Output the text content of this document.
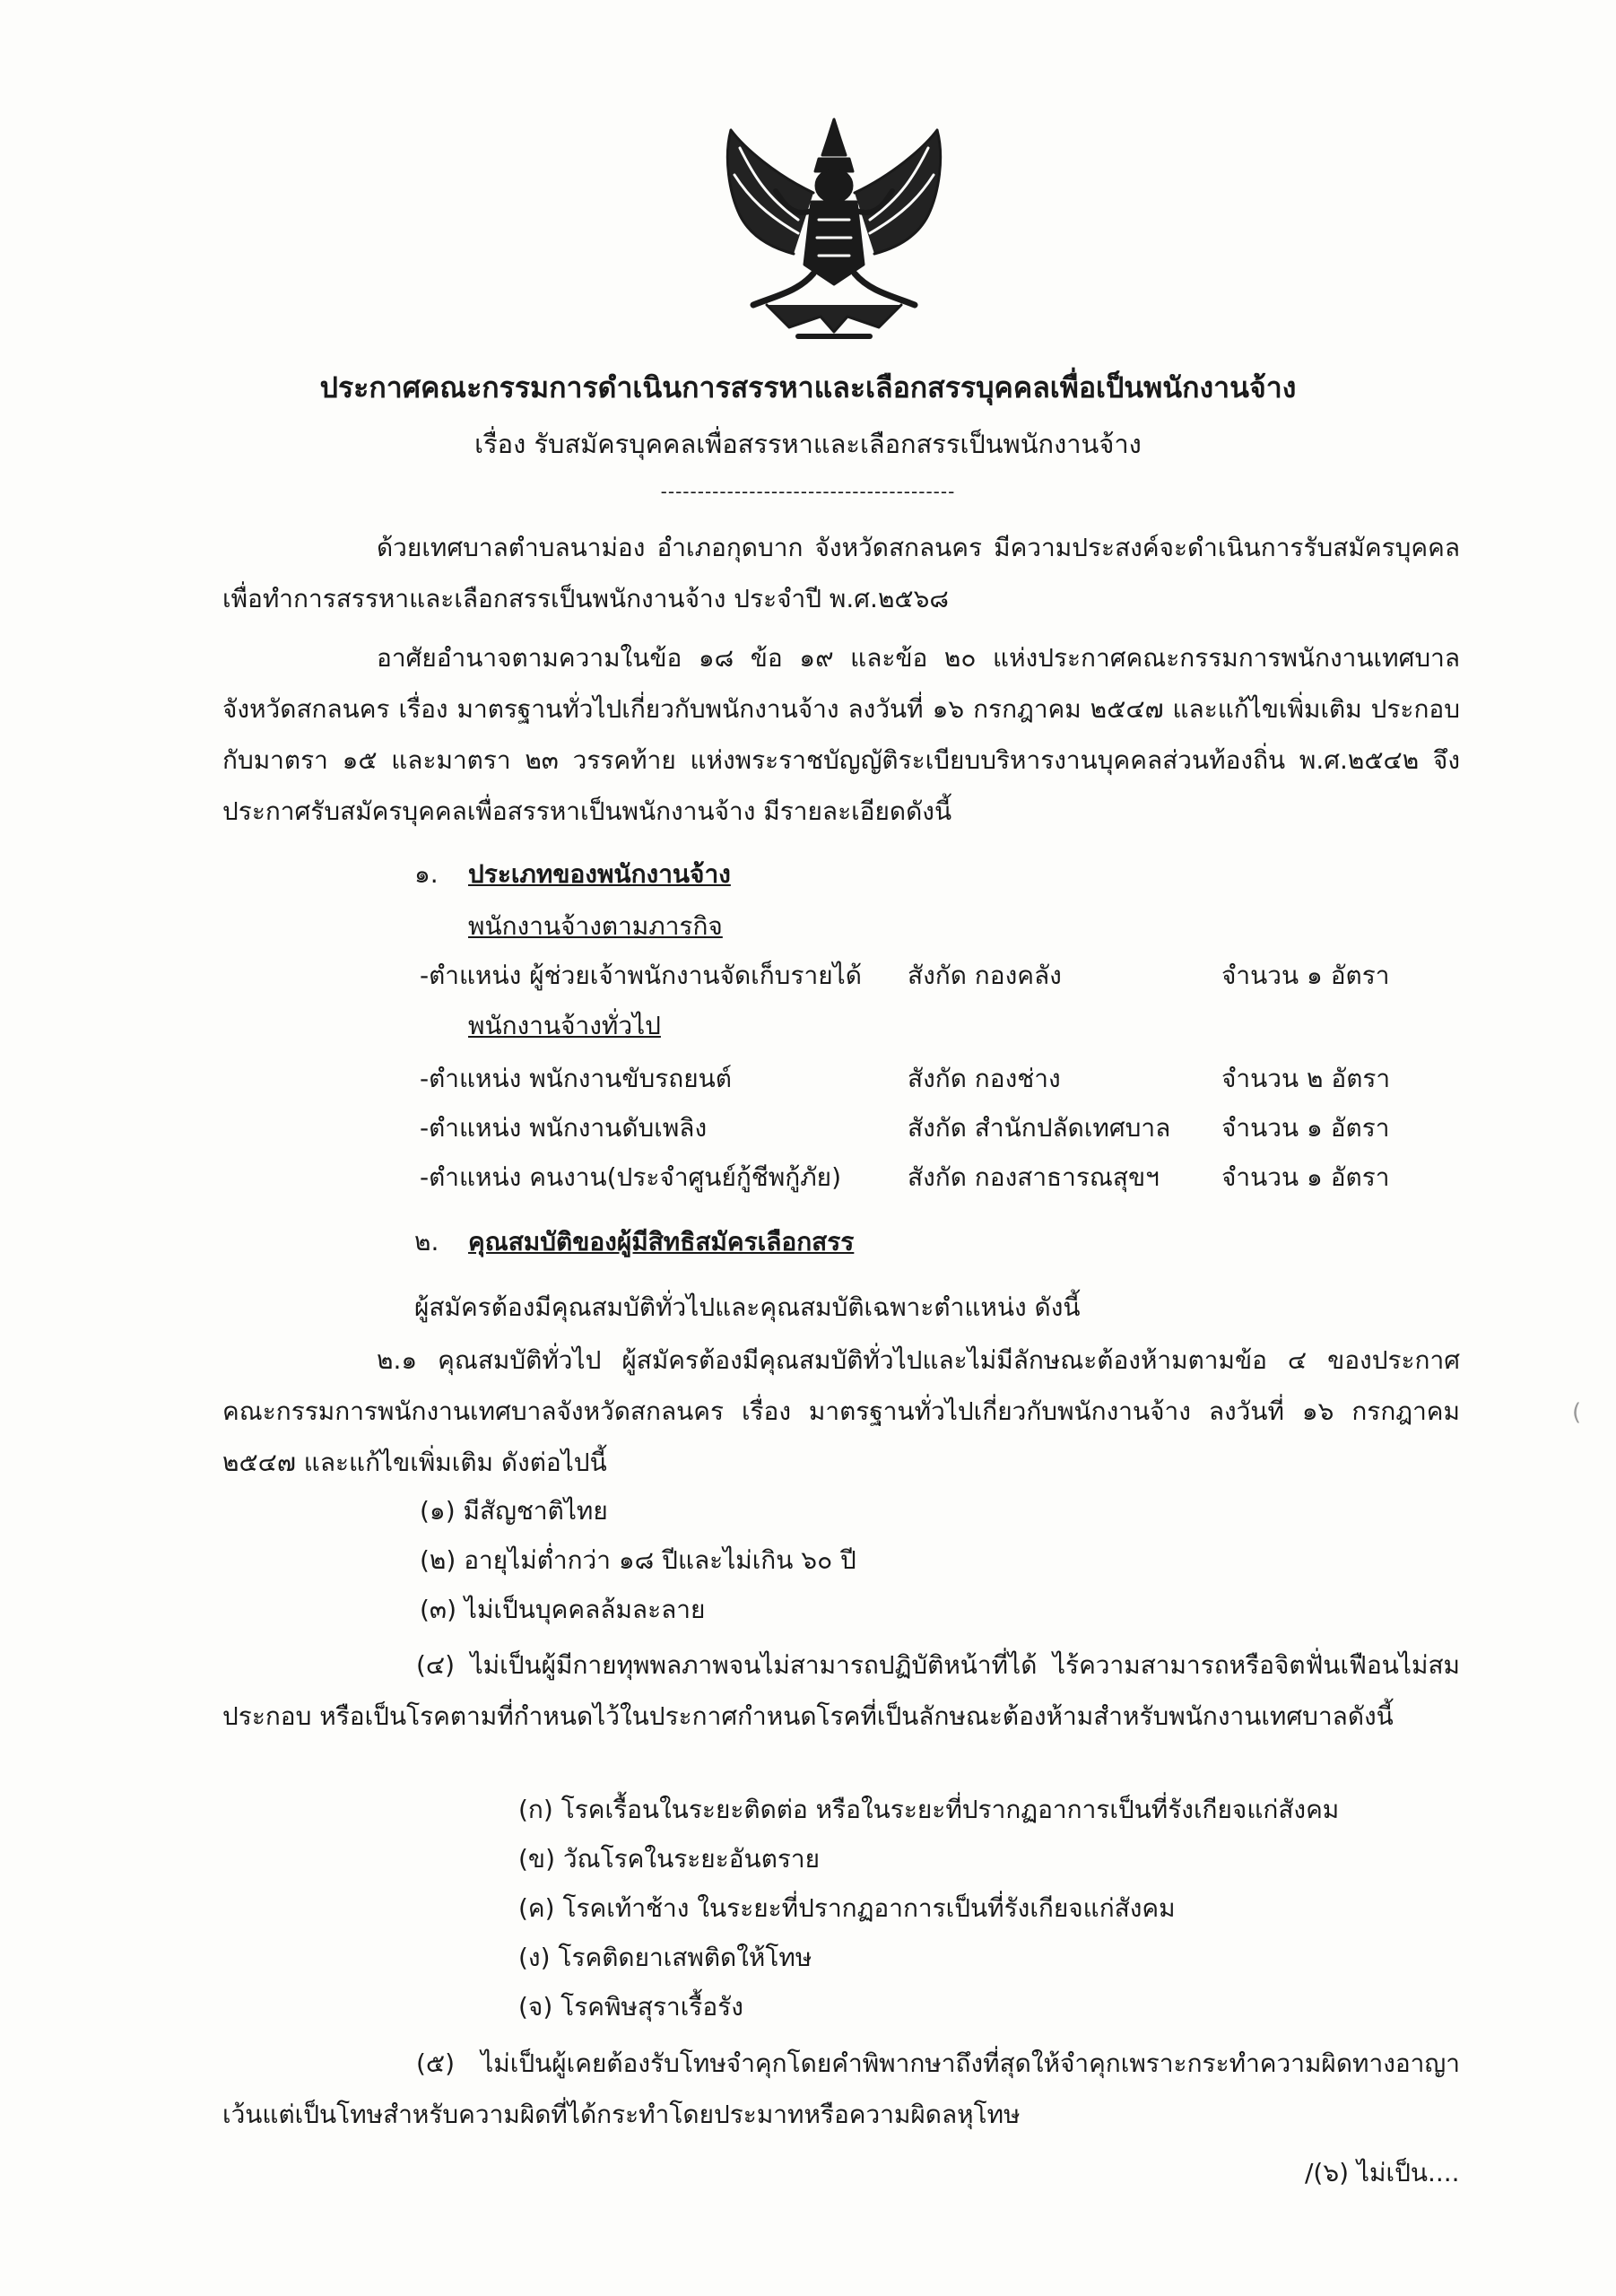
ประกาศคณะกรรมการดำเนินการสรรหาและเลือกสรรบุคคลเพื่อเป็นพนักงานจ้าง
เรื่อง รับสมัครบุคคลเพื่อสรรหาและเลือกสรรเป็นพนักงานจ้าง
----------------------------------------
ด้วยเทศบาลตำบลนาม่อง อำเภอกุดบาก จังหวัดสกลนคร มีความประสงค์จะดำเนินการรับสมัครบุคคล เพื่อทำการสรรหาและเลือกสรรเป็นพนักงานจ้าง ประจำปี พ.ศ.๒๕๖๘
อาศัยอำนาจตามความในข้อ ๑๘ ข้อ ๑๙ และข้อ ๒๐ แห่งประกาศคณะกรรมการพนักงานเทศบาลจังหวัดสกลนคร เรื่อง มาตรฐานทั่วไปเกี่ยวกับพนักงานจ้าง ลงวันที่ ๑๖ กรกฎาคม ๒๕๔๗ และแก้ไขเพิ่มเติม ประกอบกับมาตรา ๑๕ และมาตรา ๒๓ วรรคท้าย แห่งพระราชบัญญัติระเบียบบริหารงานบุคคลส่วนท้องถิ่น พ.ศ.๒๕๔๒ จึงประกาศรับสมัครบุคคลเพื่อสรรหาเป็นพนักงานจ้าง มีรายละเอียดดังนี้
๑. ประเภทของพนักงานจ้าง
พนักงานจ้างตามภารกิจ
-ตำแหน่ง ผู้ช่วยเจ้าพนักงานจัดเก็บรายได้ สังกัด กองคลัง	จำนวน ๑ อัตรา
พนักงานจ้างทั่วไป
-ตำแหน่ง พนักงานขับรถยนต์	สังกัด กองช่าง	จำนวน ๒ อัตรา
-ตำแหน่ง พนักงานดับเพลิง	สังกัด สำนักปลัดเทศบาล จำนวน ๑ อัตรา
-ตำแหน่ง คนงาน(ประจำศูนย์กู้ชีพกู้ภัย)	สังกัด กองสาธารณสุขฯ จำนวน ๑ อัตรา
๒. คุณสมบัติของผู้มีสิทธิสมัครเลือกสรร
ผู้สมัครต้องมีคุณสมบัติทั่วไปและคุณสมบัติเฉพาะตำแหน่ง ดังนี้
๒.๑ คุณสมบัติทั่วไป ผู้สมัครต้องมีคุณสมบัติทั่วไปและไม่มีลักษณะต้องห้ามตามข้อ ๔ ของประกาศคณะกรรมการพนักงานเทศบาลจังหวัดสกลนคร เรื่อง มาตรฐานทั่วไปเกี่ยวกับพนักงานจ้าง ลงวันที่ ๑๖ กรกฎาคม ๒๕๔๗ และแก้ไขเพิ่มเติม ดังต่อไปนี้
(๑) มีสัญชาติไทย
(๒) อายุไม่ต่ำกว่า ๑๘ ปีและไม่เกิน ๖๐ ปี
(๓) ไม่เป็นบุคคลล้มละลาย
(๔) ไม่เป็นผู้มีกายทุพพลภาพจนไม่สามารถปฏิบัติหน้าที่ได้ ไร้ความสามารถหรือจิตฟั่นเฟือนไม่สมประกอบ หรือเป็นโรคตามที่กำหนดไว้ในประกาศกำหนดโรคที่เป็นลักษณะต้องห้ามสำหรับพนักงานเทศบาลดังนี้
(ก) โรคเรื้อนในระยะติดต่อ หรือในระยะที่ปรากฏอาการเป็นที่รังเกียจแก่สังคม
(ข) วัณโรคในระยะอันตราย
(ค) โรคเท้าช้าง ในระยะที่ปรากฏอาการเป็นที่รังเกียจแก่สังคม
(ง) โรคติดยาเสพติดให้โทษ
(จ) โรคพิษสุราเรื้อรัง
(๕) ไม่เป็นผู้เคยต้องรับโทษจำคุกโดยคำพิพากษาถึงที่สุดให้จำคุกเพราะกระทำความผิดทางอาญา เว้นแต่เป็นโทษสำหรับความผิดที่ได้กระทำโดยประมาทหรือความผิดลหุโทษ
/(๖) ไม่เป็น....
(
